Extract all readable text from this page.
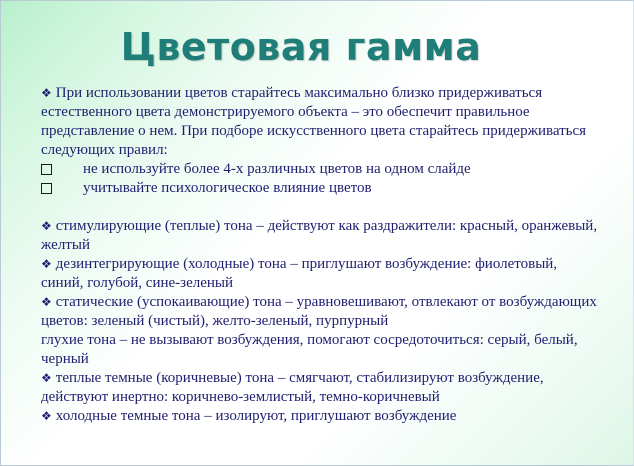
Цветовая гамма

❖ При использовании цветов старайтесь максимально близко придерживаться естественного цвета демонстрируемого объекта – это обеспечит правильное представление о нем. При подборе искусственного цвета старайтесь придерживаться следующих правил:

не используйте более 4-х различных цветов на одном слайде

учитывайте психологическое влияние цветов

❖ стимулирующие (теплые) тона – действуют как раздражители: красный, оранжевый, желтый

❖ дезинтегрирующие (холодные) тона – приглушают возбуждение: фиолетовый, синий, голубой, сине-зеленый

❖ статические (успокаивающие) тона – уравновешивают, отвлекают от возбуждающих цветов: зеленый (чистый), желто-зеленый, пурпурный

глухие тона – не вызывают возбуждения, помогают сосредоточиться: серый, белый, черный

❖ теплые темные (коричневые) тона – смягчают, стабилизируют возбуждение, действуют инертно: коричнево-землистый, темно-коричневый

❖ холодные темные тона – изолируют, приглушают возбуждение
